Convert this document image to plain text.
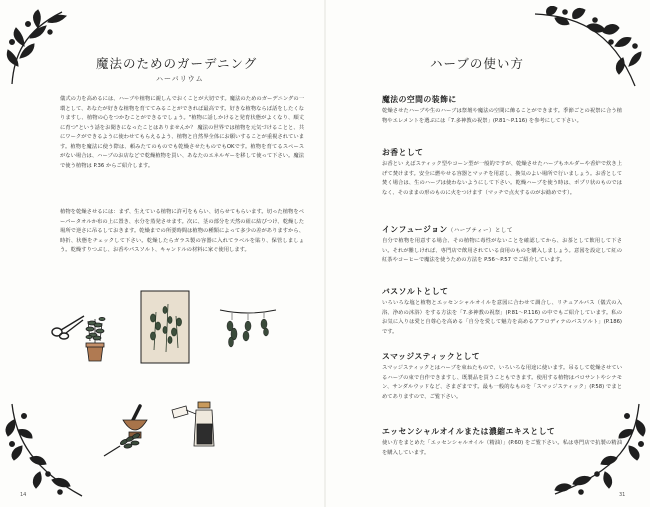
魔法のためのガーデニング
ハーバリウム

儀式の力を高めるには、ハーブや植物に親しんでおくことが大切です。魔法のためのガーデニングの一環として、あなたが好きな植物を育ててみることができれば最高です。好きな植物ならば話をしたくなりますし、植物の心をつかむことができるでしょう。"植物に話しかけると発育状態がよくなり、順丈に育つ"という話をお聞きになったことはありませんか？ 魔法の世界では植物を元気づけることと、共にワークができるように使わせてもらえるよう、植物と自然界全体にお願いすることが重視されています。植物を魔法に使う際は、頼みたてのものでも乾燥させたものでもOKです。植物を育てるスペースがない場合は、ハーブのお店などで乾燥植物を買い、あなたのエネルギーを移して使って下さい。魔法で使う植物は P.36 からご紹介します。

植物を乾燥させるには：まず、生えている植物に許可をもらい、切らせてもらいます。切った植物をペーパータオルか布の上に置き、水分を蒸発させます。次に、茎の部分を天然の紐に結びつけ、乾燥した場所で逆さに吊るしておきます。乾燥までの所要時間は植物の種類によって多少の差がありますから、時折、状態をチェックして下さい。乾燥したらガラス製の容器に入れてラベルを貼り、保管しましょう。乾燥すりつぶし、お香やパスソルト、キャンドルの材料に家ぐ使用します。

14
ハーブの使い方
魔法の空間の装飾に

乾燥させたハーブや生のハーブは祭壇や魔法の空間に飾ることができます。季節ごとの祝祭に合う植物やエレメントを選ぶには「7.多神教の祝祭」(P.81〜P.116) を参考にして下さい。

お香として

お香とい えばスティック型やコーン型が一般的ですが、乾燥させたハーブもホルダーや香炉で炊き上げて焚けます。安全に燃やせる容器とマッチを用意し、換気のよい場所で行いましょう。お香として焚く場合は、生のハーブは使わないようにして下さい。乾燥ハーブを使う時は、ポプリ状のものではなく、そのままの形のものに火をつけます（マッチで点火するのがお勧めです）。

インフュージョン（ハーブティー）として

自分で植物を用意する場合、その植物に毒性がないことを確認してから、お茶として飲用して下さい。それが難しければ、専門店で飲用されている食用のものを購入しましょう。意図を設定して紅の紅茶やコーヒーで魔法を使うための方法を P.56〜P.57 でご紹介しています。

バスソルトとして

いろいろな塩と植物とエッセンシャルオイルを意図に合わせて調合し、リチュアルバス（儀式の入浴、浄めの沐浴）をする方法を「7.多神教の祝祭」(P.81〜P.116) の中でもご紹介しています。私のお気に入りは愛と自尊心を高める「自分を愛して魅力を高めるアフロディテのバスソルト」(P.186) です。

スマッジスティックとして

スマッジスティックとはハーブを束ねたもので、いろいろな用途に使います。吊るして乾燥させているハーブの束で自作できますし、既製品を買うこともできます。使用する植物はパロサントやシナモン、サンダルウッドなど、さまざまです。最も一般的なものを「スマッジスティック」(P.58) でまとめてありますので、ご覧下さい。

エッセンシャルオイルまたは濃縮エキスとして

使い方をまとめた「エッセンシャルオイル（精油）」(P.60) をご覧下さい。私は専門店で抗製の精油を購入しています。

31
